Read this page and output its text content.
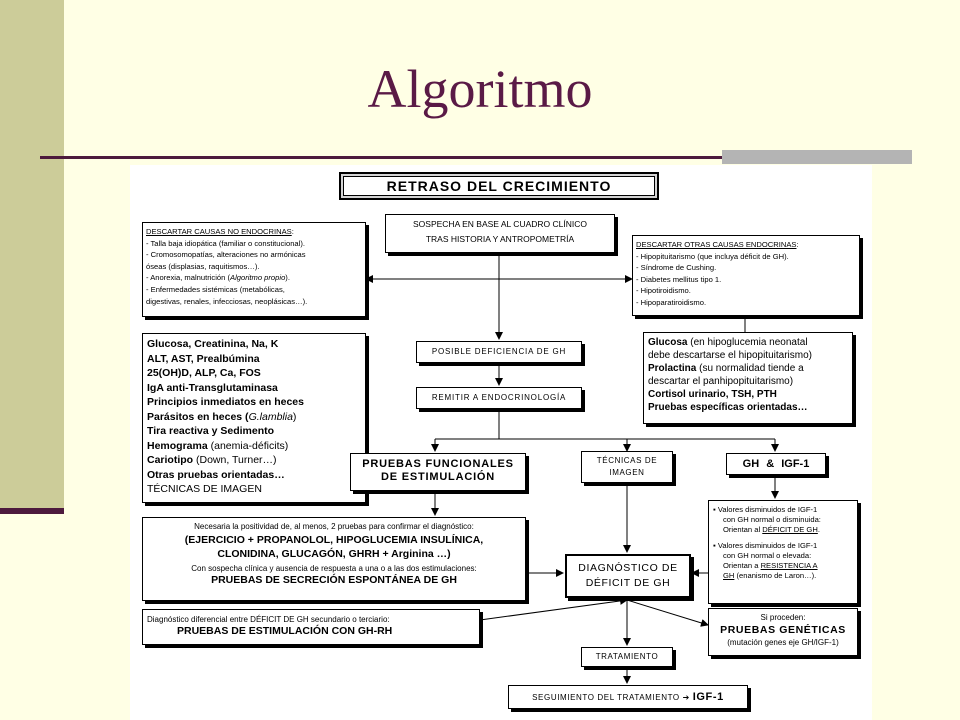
Algoritmo
RETRASO DEL CRECIMIENTO
SOSPECHA EN BASE AL CUADRO CLÍNICO
TRAS HISTORIA Y ANTROPOMETRÍA
DESCARTAR CAUSAS NO ENDOCRINAS:
- Talla baja idiopática (familiar o constitucional).
- Cromosomopatías, alteraciones no armónicas
óseas (displasias, raquitismos…).
- Anorexia, malnutrición (Algoritmo propio).
- Enfermedades sistémicas (metabólicas,
digestivas, renales, infecciosas, neoplásicas…).
DESCARTAR OTRAS CAUSAS ENDOCRINAS:
- Hipopituitarismo (que incluya déficit de GH).
- Síndrome de Cushing.
- Diabetes mellitus tipo 1.
- Hipotiroidismo.
- Hipoparatiroidismo.
Glucosa, Creatinina, Na, K
ALT, AST, Prealbúmina
25(OH)D, ALP, Ca, FOS
IgA anti-Transglutaminasa
Principios inmediatos en heces
Parásitos en heces (G.lamblia)
Tira reactiva y Sedimento
Hemograma (anemia-déficits)
Cariotipo (Down, Turner…)
Otras pruebas orientadas…
TÉCNICAS DE IMAGEN
POSIBLE DEFICIENCIA DE GH
REMITIR A ENDOCRINOLOGÍA
Glucosa (en hipoglucemia neonatal
debe descartarse el hipopituitarismo)
Prolactina (su normalidad tiende a
descartar el panhipopituitarismo)
Cortisol urinario, TSH, PTH
Pruebas específicas orientadas…
PRUEBAS FUNCIONALES
DE ESTIMULACIÓN
TÉCNICAS DE
IMAGEN
GH & IGF-1
▪ Valores disminuidos de IGF-1
con GH normal o disminuida:
Orientan al DÉFICIT DE GH.
▪ Valores disminuidos de IGF-1
con GH normal o elevada:
Orientan a RESISTENCIA A
GH (enanismo de Laron…).
Necesaria la positividad de, al menos, 2 pruebas para confirmar el diagnóstico:
(EJERCICIO + PROPANOLOL, HIPOGLUCEMIA INSULÍNICA,
CLONIDINA, GLUCAGÓN, GHRH + Arginina …)
Con sospecha clínica y ausencia de respuesta a una o a las dos estimulaciones:
PRUEBAS DE SECRECIÓN ESPONTÁNEA DE GH
DIAGNÓSTICO DE
DÉFICIT DE GH
Diagnóstico diferencial entre DÉFICIT DE GH secundario o terciario:
PRUEBAS DE ESTIMULACIÓN CON GH-RH
Si proceden:
PRUEBAS GENÉTICAS
(mutación genes eje GH/IGF-1)
TRATAMIENTO
SEGUIMIENTO DEL TRATAMIENTO ➔ IGF-1
